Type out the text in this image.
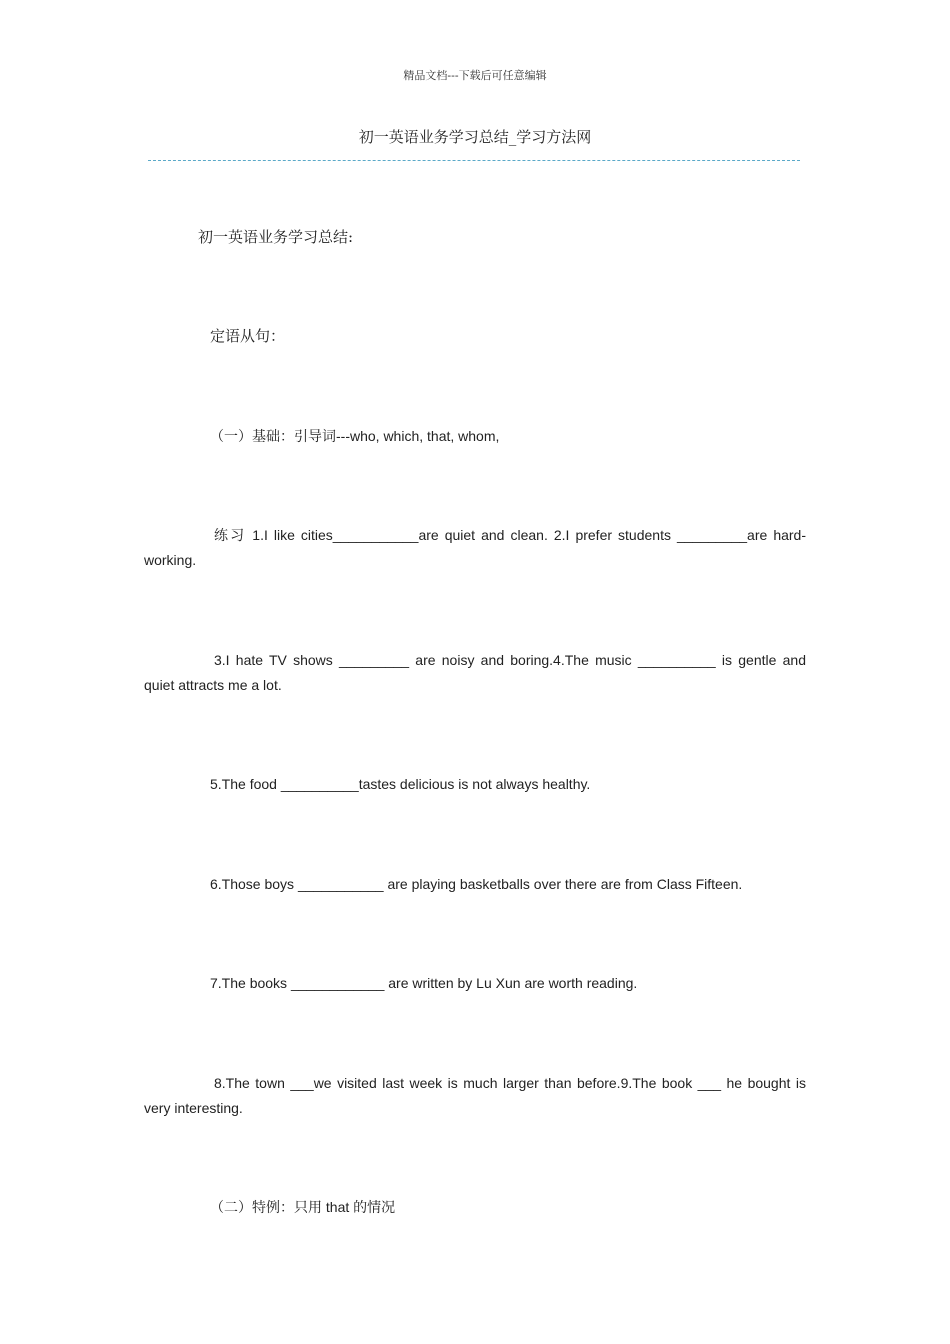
精品文档---下载后可任意编辑
初一英语业务学习总结_学习方法网
初一英语业务学习总结:
定语从句：
（一）基础：引导词---who, which, that, whom,
练习 1.I like cities___________are quiet and clean. 2.I prefer students _________are hard- working.
3.I hate TV shows _________ are noisy and boring.4.The music __________ is gentle and quiet attracts me a lot.
5.The food __________tastes delicious is not always healthy.
6.Those boys ___________ are playing basketballs over there are from Class Fifteen.
7.The books ____________ are written by Lu Xun are worth reading.
8.The town ___we visited last week is much larger than before.9.The book ___ he bought is very interesting.
（二）特例：只用 that 的情况
